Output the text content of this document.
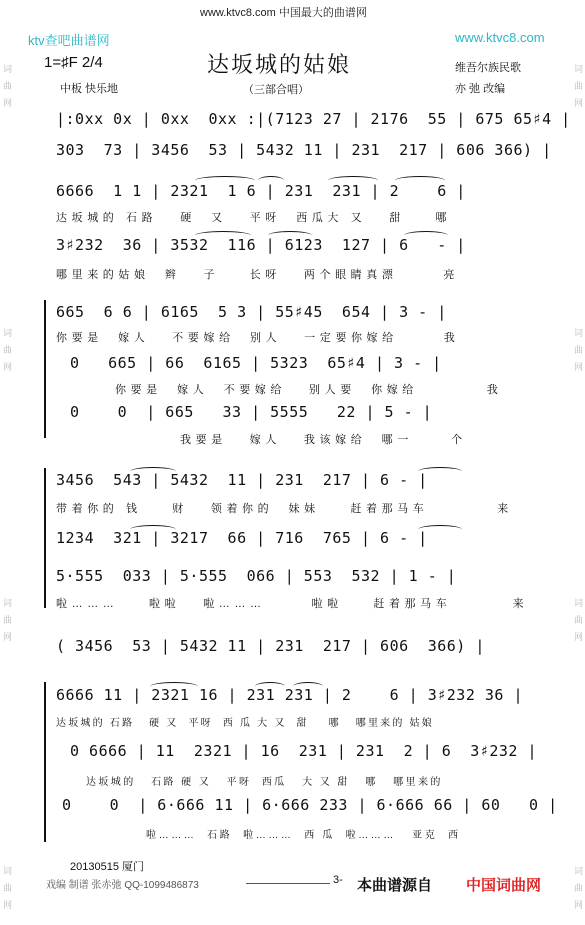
词
曲
网
词
曲
网
词
曲
网
词
曲
网
词
曲
网
词
曲
网
词
曲
网
词
曲
网
www.ktvc8.com 中国最大的曲谱网
ktv查吧曲谱网	www.ktvc8.com
达坂城的姑娘
（三部合唱）
1=♯F 2/4
中板 快乐地
维吾尔族民歌
亦 弛 改编
|:0xx 0x | 0xx  0xx :|(7123 27 | 2176  55 | 675 65♯4 |
303  73 | 3456  53 | 5432 11 | 231  217 | 606 366) |
6666  1 1 | 2321  1 6 | 231  231 | 2    6 |
达坂城的 石路   硬  又   平呀  西瓜大 又   甜    哪
3♯232  36 | 3532  116 | 6123  127 | 6   - |
哪里来的姑娘  辫   子    长呀   两个眼睛真漂      亮
665  6 6 | 6165  5 3 | 55♯45  654 | 3 - |
你要是  嫁人   不要嫁给  别人   一定要你嫁给      我
0   665 | 66  6165 | 5323  65♯4 | 3 - |
你要是  嫁人  不要嫁给   别人要  你嫁给         我
0    0  | 665   33 | 5555   22 | 5 - |
我要是   嫁人   我该嫁给  哪一     个
3456  543 | 5432  11 | 231  217 | 6 - |
带着你的 钱    财   领着你的  妹妹    赶着那马车         来
1234  321 | 3217  66 | 716  765 | 6 - |
5·555  033 | 5·555  066 | 553  532 | 1 - |
啦………    啦啦   啦………      啦啦    赶着那马车        来
( 3456  53 | 5432 11 | 231  217 | 606  366) |
6666 11 | 2321 16 | 231 231 | 2    6 | 3♯232 36 |
达坂城的 石路   硬 又  平呀  西 瓜 大 又  甜    哪   哪里来的 姑娘
0 6666 | 11  2321 | 16  231 | 231  2 | 6  3♯232 |
达坂城的   石路 硬 又   平呀  西瓜   大 又 甜   哪   哪里来的
0    0  | 6·666 11 | 6·666 233 | 6·666 66 | 60   0 |
啦………  石路  啦………  西 瓜  啦………   亚克  西
20130515 厦门
戏编 制谱 张赤弛 QQ-1099486873	3- 本曲谱源自 中国词曲网
